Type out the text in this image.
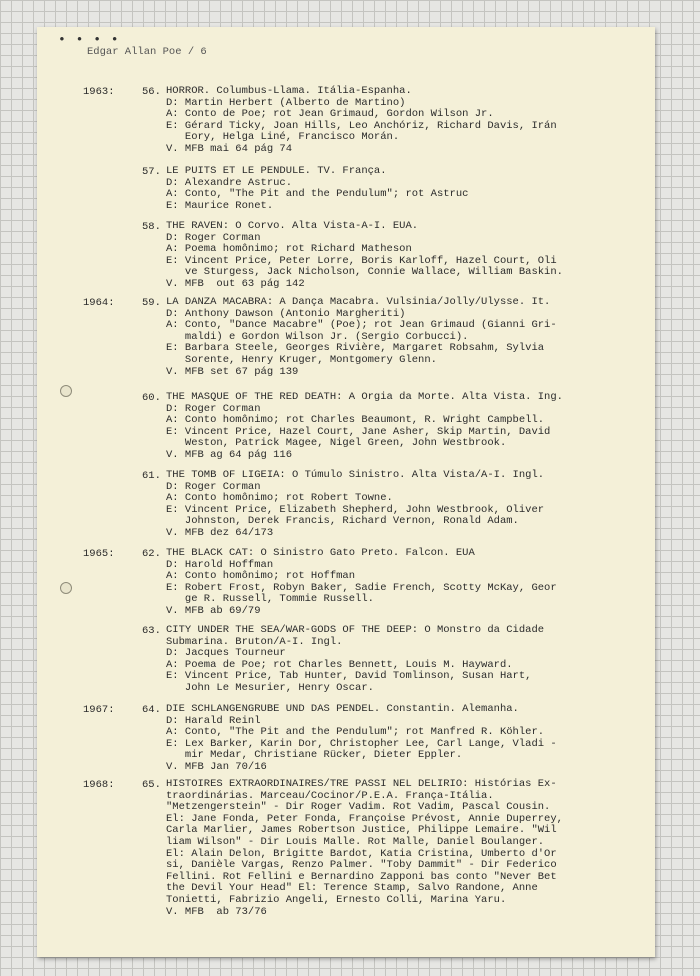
• • • •
Edgar Allan Poe / 6
1963:	56. HORROR. Columbus-Llama. Itália-Espanha.
D: Martin Herbert (Alberto de Martino)
A: Conto de Poe; rot Jean Grimaud, Gordon Wilson Jr.
E: Gérard Ticky, Joan Hills, Leo Anchóriz, Richard Davis, Irán
Eory, Helga Liné, Francisco Morán.
V. MFB mai 64 pág 74
57. LE PUITS ET LE PENDULE. TV. França.
D: Alexandre Astruc.
A: Conto, "The Pit and the Pendulum"; rot Astruc
E: Maurice Ronet.
58. THE RAVEN: O Corvo. Alta Vista-A-I. EUA.
D: Roger Corman
A: Poema homônimo; rot Richard Matheson
E: Vincent Price, Peter Lorre, Boris Karloff, Hazel Court, Oli
ve Sturgess, Jack Nicholson, Connie Wallace, William Baskin.
V. MFB  out 63 pág 142
1964:	59. LA DANZA MACABRA: A Dança Macabra. Vulsinia/Jolly/Ulysse. It.
D: Anthony Dawson (Antonio Margheriti)
A: Conto, "Dance Macabre" (Poe); rot Jean Grimaud (Gianni Gri-
maldi) e Gordon Wilson Jr. (Sergio Corbucci).
E: Barbara Steele, Georges Rivière, Margaret Robsahm, Sylvia
Sorente, Henry Kruger, Montgomery Glenn.
V. MFB set 67 pág 139
60. THE MASQUE OF THE RED DEATH: A Orgia da Morte. Alta Vista. Ing.
D: Roger Corman
A: Conto homônimo; rot Charles Beaumont, R. Wright Campbell.
E: Vincent Price, Hazel Court, Jane Asher, Skip Martin, David
Weston, Patrick Magee, Nigel Green, John Westbrook.
V. MFB ag 64 pág 116
61. THE TOMB OF LIGEIA: O Túmulo Sinistro. Alta Vista/A-I. Ingl.
D: Roger Corman
A: Conto homônimo; rot Robert Towne.
E: Vincent Price, Elizabeth Shepherd, John Westbrook, Oliver
Johnston, Derek Francis, Richard Vernon, Ronald Adam.
V. MFB dez 64/173
1965:	62. THE BLACK CAT: O Sinistro Gato Preto. Falcon. EUA
D: Harold Hoffman
A: Conto homônimo; rot Hoffman
E: Robert Frost, Robyn Baker, Sadie French, Scotty McKay, Geor
ge R. Russell, Tommie Russell.
V. MFB ab 69/79
63. CITY UNDER THE SEA/WAR-GODS OF THE DEEP: O Monstro da Cidade
Submarina. Bruton/A-I. Ingl.
D: Jacques Tourneur
A: Poema de Poe; rot Charles Bennett, Louis M. Hayward.
E: Vincent Price, Tab Hunter, David Tomlinson, Susan Hart,
John Le Mesurier, Henry Oscar.
1967:	64. DIE SCHLANGENGRUBE UND DAS PENDEL. Constantin. Alemanha.
D: Harald Reinl
A: Conto, "The Pit and the Pendulum"; rot Manfred R. Köhler.
E: Lex Barker, Karin Dor, Christopher Lee, Carl Lange, Vladi -
mir Medar, Christiane Rücker, Dieter Eppler.
V. MFB Jan 70/16
1968:	65. HISTOIRES EXTRAORDINAIRES/TRE PASSI NEL DELIRIO: Histórias Ex-
traordinárias. Marceau/Cocinor/P.E.A. França-Itália.
"Metzengerstein" - Dir Roger Vadim. Rot Vadim, Pascal Cousin.
El: Jane Fonda, Peter Fonda, Françoise Prévost, Annie Duperrey,
Carla Marlier, James Robertson Justice, Philippe Lemaire. "Wil
liam Wilson" - Dir Louis Malle. Rot Malle, Daniel Boulanger.
El: Alain Delon, Brigitte Bardot, Katia Cristina, Umberto d'Or
si, Danièle Vargas, Renzo Palmer. "Toby Dammit" - Dir Federico
Fellini. Rot Fellini e Bernardino Zapponi bas conto "Never Bet
the Devil Your Head" El: Terence Stamp, Salvo Randone, Anne
Tonietti, Fabrizio Angeli, Ernesto Colli, Marina Yaru.
V. MFB  ab 73/76
